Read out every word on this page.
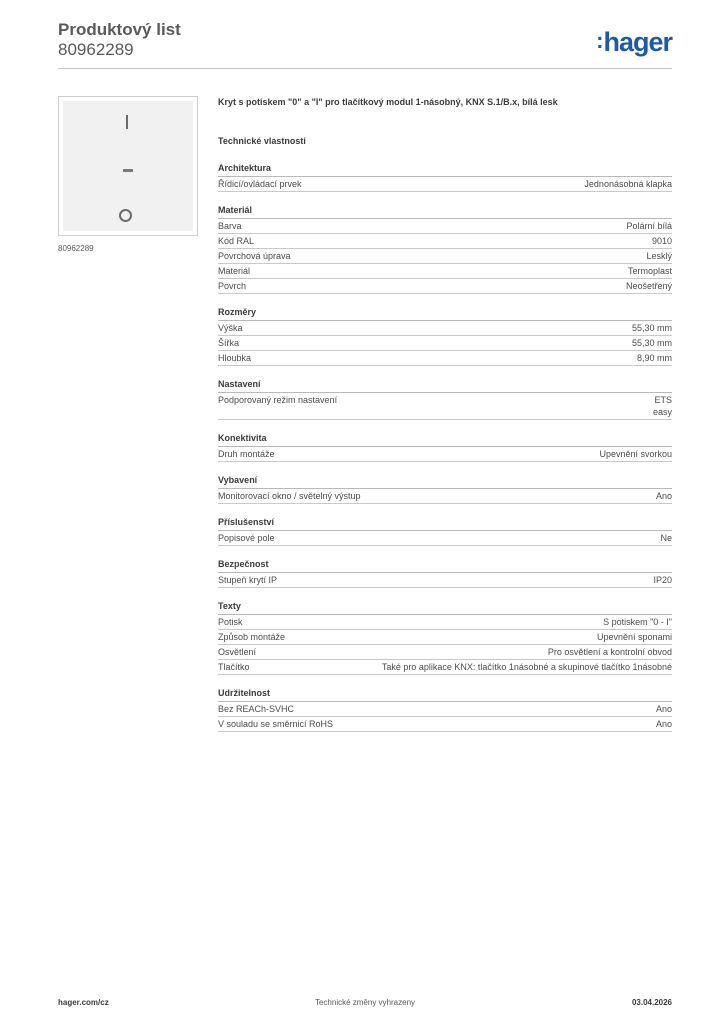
Produktový list

80962289	:hager
80962289

Kryt s potiskem "0" a "I" pro tlačítkový modul 1-násobný, KNX S.1/B.x, bílá lesk

Technické vlastnosti

Architektura
Řídicí/ovládací prvek	Jednonásobná klapka
Materiál
Barva	Polární bílá
Kód RAL	9010
Povrchová úprava	Lesklý
Materiál	Termoplast
Povrch	Neošetřený
Rozměry
Výška	55,30 mm
Šířka	55,30 mm
Hloubka	8,90 mm
Nastavení
Podporovaný režim nastavení	ETS
easy
Konektivita
Druh montáže	Upevnění svorkou
Vybavení
Monitorovací okno / světelný výstup	Ano
Příslušenství
Popisové pole	Ne
Bezpečnost
Stupeň krytí IP	IP20
Texty
Potisk	S potiskem "0 - I"
Způsob montáže	Upevnění sponami
Osvětlení	Pro osvětlení a kontrolní obvod
Tlačítko	Také pro aplikace KNX: tlačítko 1násobné a skupinové tlačítko 1násobné
Udržitelnost
Bez REACh-SVHC	Ano
V souladu se směrnicí RoHS	Ano
hager.com/cz	Technické změny vyhrazeny	03.04.2026
